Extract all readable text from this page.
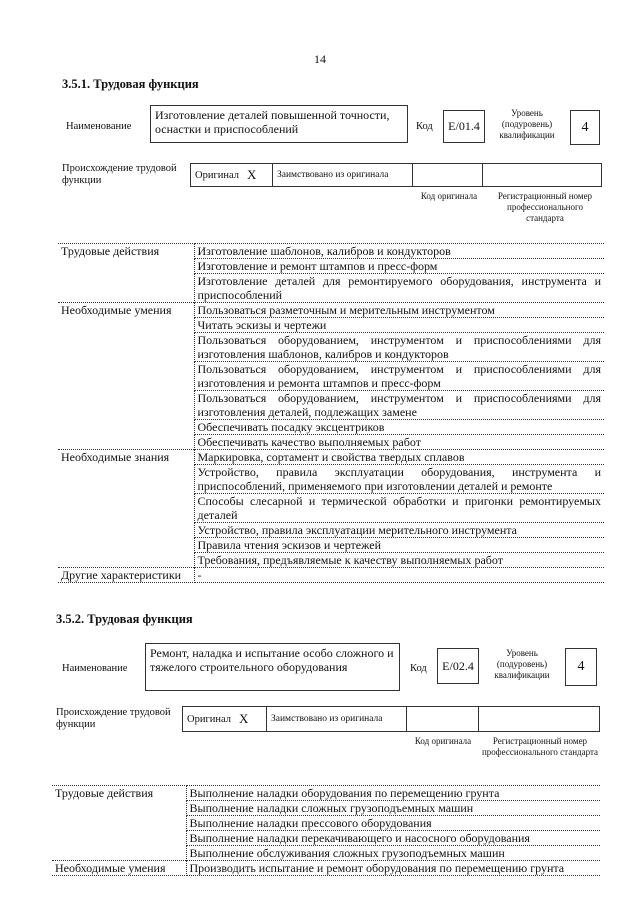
14
3.5.1. Трудовая функция
Наименование
Изготовление деталей повышенной точности, оснастки и приспособлений	Код	E/01.4
Уровень (подуровень) квалификации
4
Происхождение трудовой функции	Оригинал X	Заимствовано из оригинала
Код оригинала	Регистрационный номер профессионального стандарта
Трудовые действия	Изготовление шаблонов, калибров и кондукторов
	Изготовление и ремонт штампов и пресс-форм
	Изготовление деталей для ремонтируемого оборудования, инструмента и приспособлений
Необходимые умения	Пользоваться разметочным и мерительным инструментом
	Читать эскизы и чертежи
	Пользоваться оборудованием, инструментом и приспособлениями для изготовления шаблонов, калибров и кондукторов
	Пользоваться оборудованием, инструментом и приспособлениями для изготовления и ремонта штампов и пресс-форм
	Пользоваться оборудованием, инструментом и приспособлениями для изготовления деталей, подлежащих замене
	Обеспечивать посадку эксцентриков
	Обеспечивать качество выполняемых работ
Необходимые знания	Маркировка, сортамент и свойства твердых сплавов
	Устройство, правила эксплуатации оборудования, инструмента и приспособлений, применяемого при изготовлении деталей и ремонте
	Способы слесарной и термической обработки и пригонки ремонтируемых деталей
	Устройство, правила эксплуатации мерительного инструмента
	Правила чтения эскизов и чертежей
	Требования, предъявляемые к качеству выполняемых работ
Другие характеристики	-
3.5.2. Трудовая функция
Наименование
Ремонт, наладка и испытание особо сложного и тяжелого строительного оборудования	Код	E/02.4
Уровень (подуровень) квалификации
4
Происхождение трудовой функции	Оригинал X	Заимствовано из оригинала
Код оригинала	Регистрационный номер профессионального стандарта
Трудовые действия	Выполнение наладки оборудования по перемещению грунта
	Выполнение наладки сложных грузоподъемных машин
	Выполнение наладки прессового оборудования
	Выполнение наладки перекачивающего и насосного оборудования
	Выполнение обслуживания сложных грузоподъемных машин
Необходимые умения	Производить испытание и ремонт оборудования по перемещению грунта
